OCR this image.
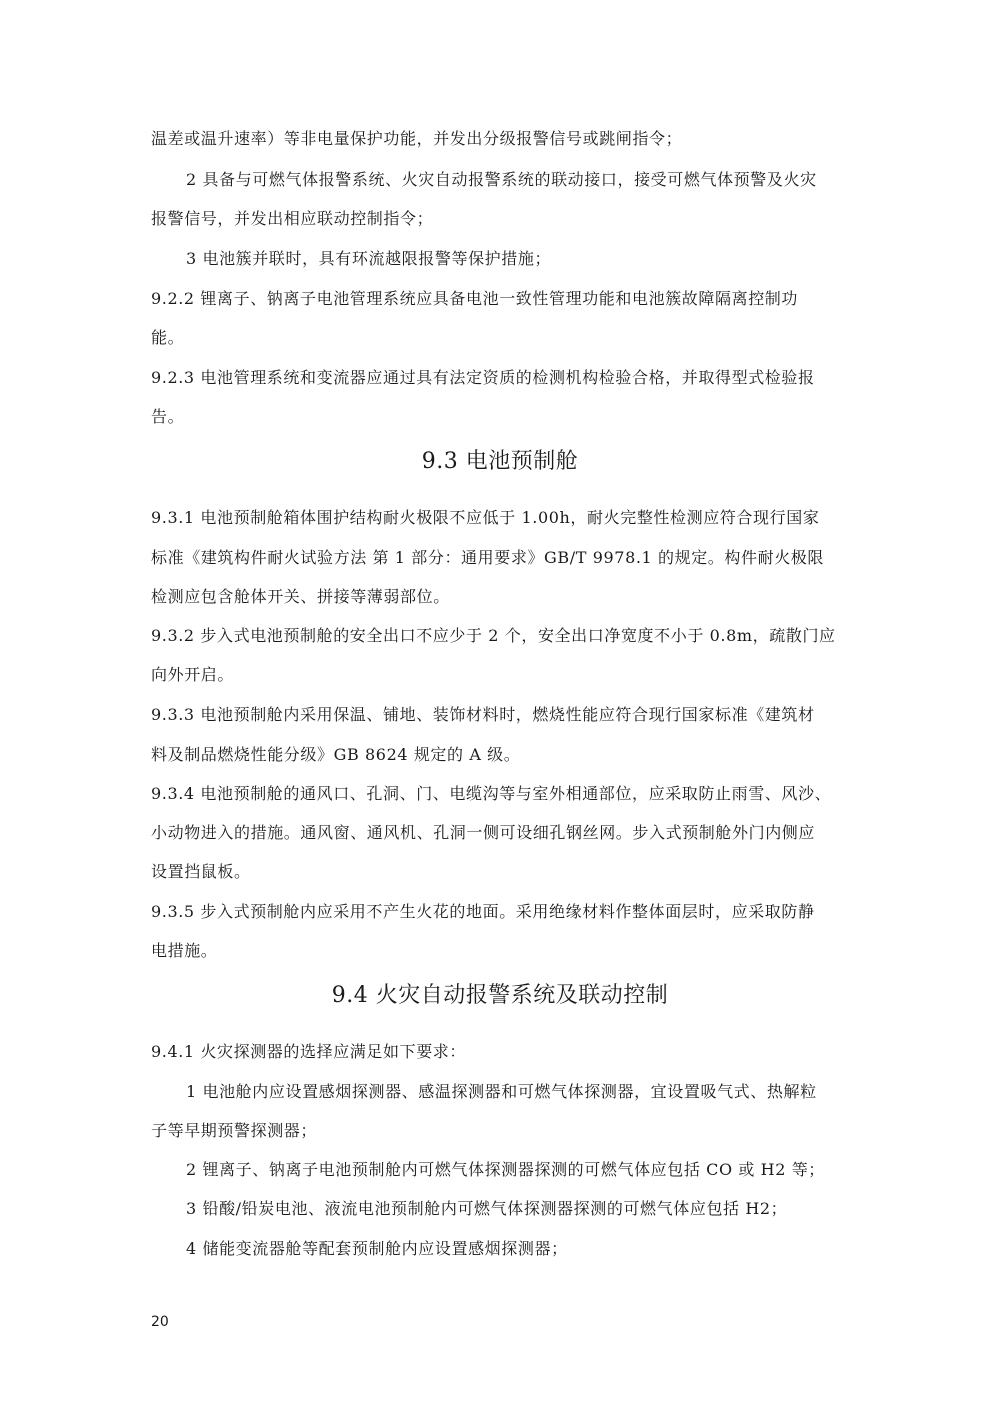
温差或温升速率）等非电量保护功能，并发出分级报警信号或跳闸指令；
2 具备与可燃气体报警系统、火灾自动报警系统的联动接口，接受可燃气体预警及火灾
报警信号，并发出相应联动控制指令；
3 电池簇并联时，具有环流越限报警等保护措施；
9.2.2 锂离子、钠离子电池管理系统应具备电池一致性管理功能和电池簇故障隔离控制功
能。
9.2.3 电池管理系统和变流器应通过具有法定资质的检测机构检验合格，并取得型式检验报
告。
9.3 电池预制舱
9.3.1 电池预制舱箱体围护结构耐火极限不应低于 1.00h，耐火完整性检测应符合现行国家
标准《建筑构件耐火试验方法 第 1 部分：通用要求》GB/T 9978.1 的规定。构件耐火极限
检测应包含舱体开关、拼接等薄弱部位。
9.3.2 步入式电池预制舱的安全出口不应少于 2 个，安全出口净宽度不小于 0.8m，疏散门应
向外开启。
9.3.3 电池预制舱内采用保温、铺地、装饰材料时，燃烧性能应符合现行国家标准《建筑材
料及制品燃烧性能分级》GB 8624 规定的 A 级。
9.3.4 电池预制舱的通风口、孔洞、门、电缆沟等与室外相通部位，应采取防止雨雪、风沙、
小动物进入的措施。通风窗、通风机、孔洞一侧可设细孔钢丝网。步入式预制舱外门内侧应
设置挡鼠板。
9.3.5 步入式预制舱内应采用不产生火花的地面。采用绝缘材料作整体面层时，应采取防静
电措施。
9.4 火灾自动报警系统及联动控制
9.4.1 火灾探测器的选择应满足如下要求：
1 电池舱内应设置感烟探测器、感温探测器和可燃气体探测器，宜设置吸气式、热解粒
子等早期预警探测器；
2 锂离子、钠离子电池预制舱内可燃气体探测器探测的可燃气体应包括 CO 或 H2 等；
3 铅酸/铅炭电池、液流电池预制舱内可燃气体探测器探测的可燃气体应包括 H2；
4 储能变流器舱等配套预制舱内应设置感烟探测器；
20
